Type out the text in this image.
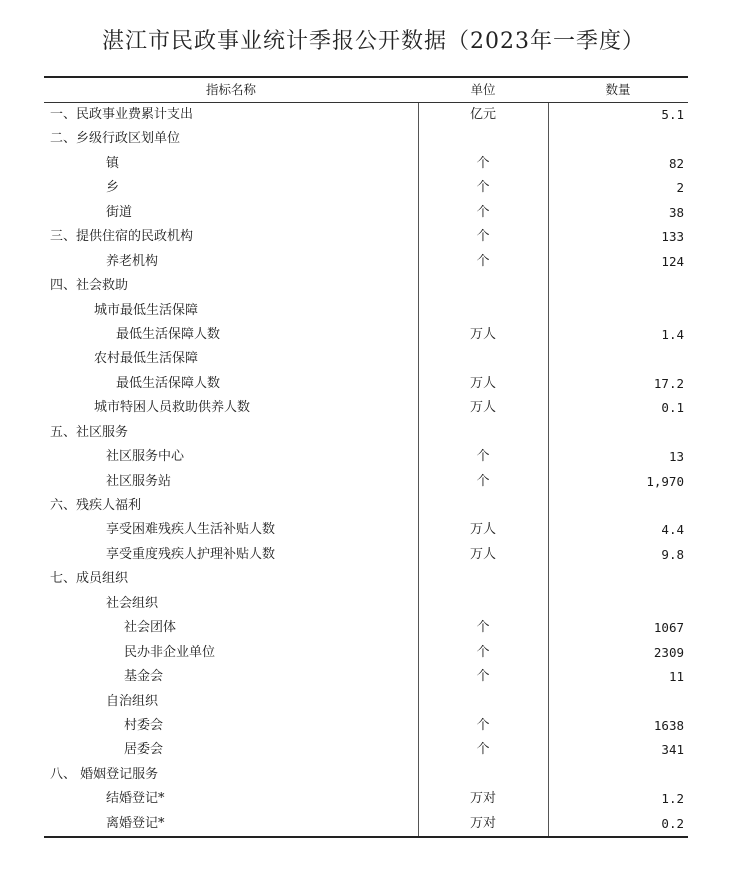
湛江市民政事业统计季报公开数据（2023年一季度）
指标名称	单位	数量
一、民政事业费累计支出	亿元	5.1
二、乡级行政区划单位
镇	个	82
乡	个	2
街道	个	38
三、提供住宿的民政机构	个	133
养老机构	个	124
四、社会救助
城市最低生活保障
最低生活保障人数	万人	1.4
农村最低生活保障
最低生活保障人数	万人	17.2
城市特困人员救助供养人数	万人	0.1
五、社区服务
社区服务中心	个	13
社区服务站	个	1,970
六、残疾人福利
享受困难残疾人生活补贴人数	万人	4.4
享受重度残疾人护理补贴人数	万人	9.8
七、成员组织
社会组织
社会团体	个	1067
民办非企业单位	个	2309
基金会	个	11
自治组织
村委会	个	1638
居委会	个	341
八、 婚姻登记服务
结婚登记*	万对	1.2
离婚登记*	万对	0.2
